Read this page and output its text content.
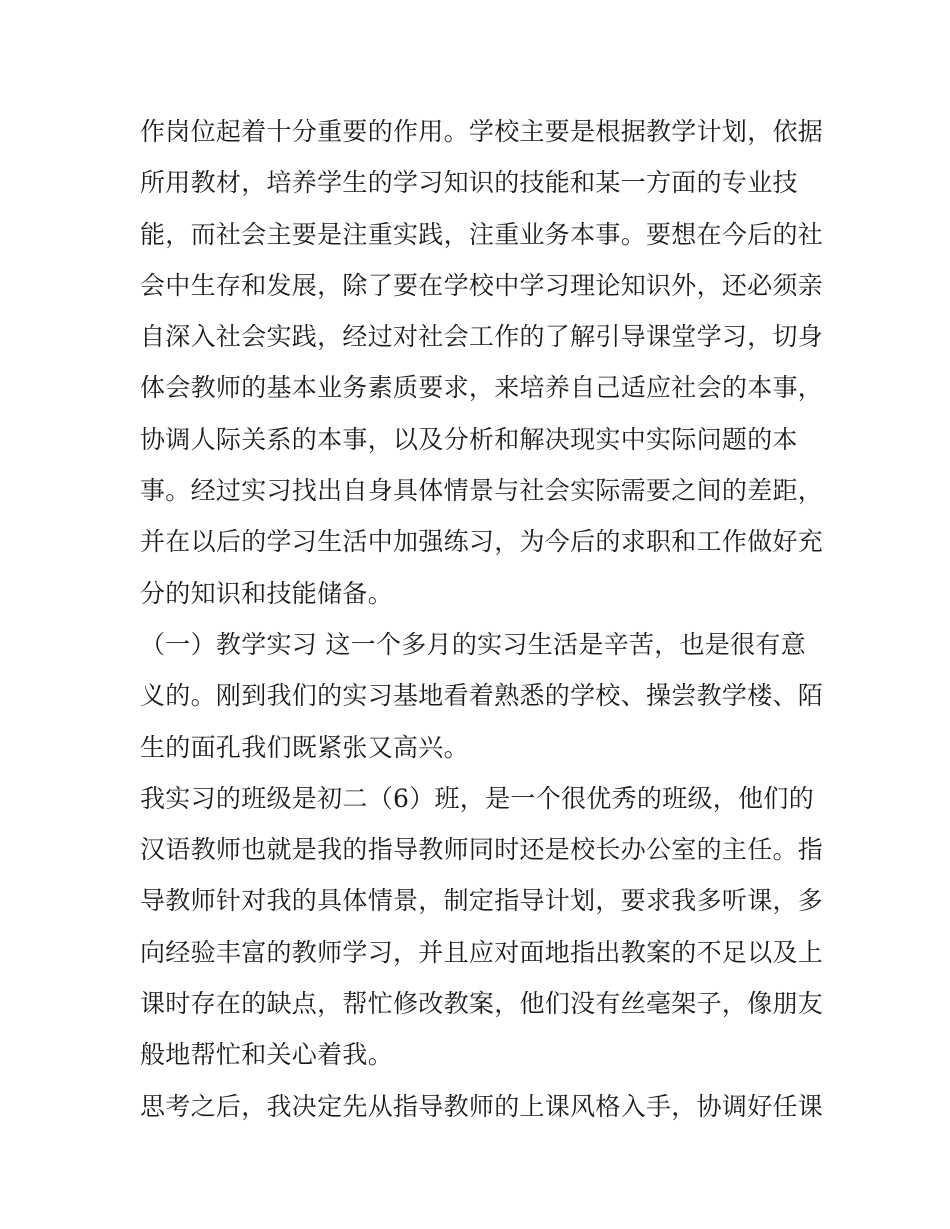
作岗位起着十分重要的作用。学校主要是根据教学计划，依据
所用教材，培养学生的学习知识的技能和某一方面的专业技
能，而社会主要是注重实践，注重业务本事。要想在今后的社
会中生存和发展，除了要在学校中学习理论知识外，还必须亲
自深入社会实践，经过对社会工作的了解引导课堂学习，切身
体会教师的基本业务素质要求，来培养自己适应社会的本事，
协调人际关系的本事，以及分析和解决现实中实际问题的本
事。经过实习找出自身具体情景与社会实际需要之间的差距，
并在以后的学习生活中加强练习，为今后的求职和工作做好充
分的知识和技能储备。
（一）教学实习 这一个多月的实习生活是辛苦，也是很有意
义的。刚到我们的实习基地看着熟悉的学校、操尝教学楼、陌
生的面孔我们既紧张又高兴。
我实习的班级是初二（6）班，是一个很优秀的班级，他们的
汉语教师也就是我的指导教师同时还是校长办公室的主任。指
导教师针对我的具体情景，制定指导计划，要求我多听课，多
向经验丰富的教师学习，并且应对面地指出教案的不足以及上
课时存在的缺点，帮忙修改教案，他们没有丝毫架子，像朋友
般地帮忙和关心着我。
思考之后，我决定先从指导教师的上课风格入手，协调好任课
